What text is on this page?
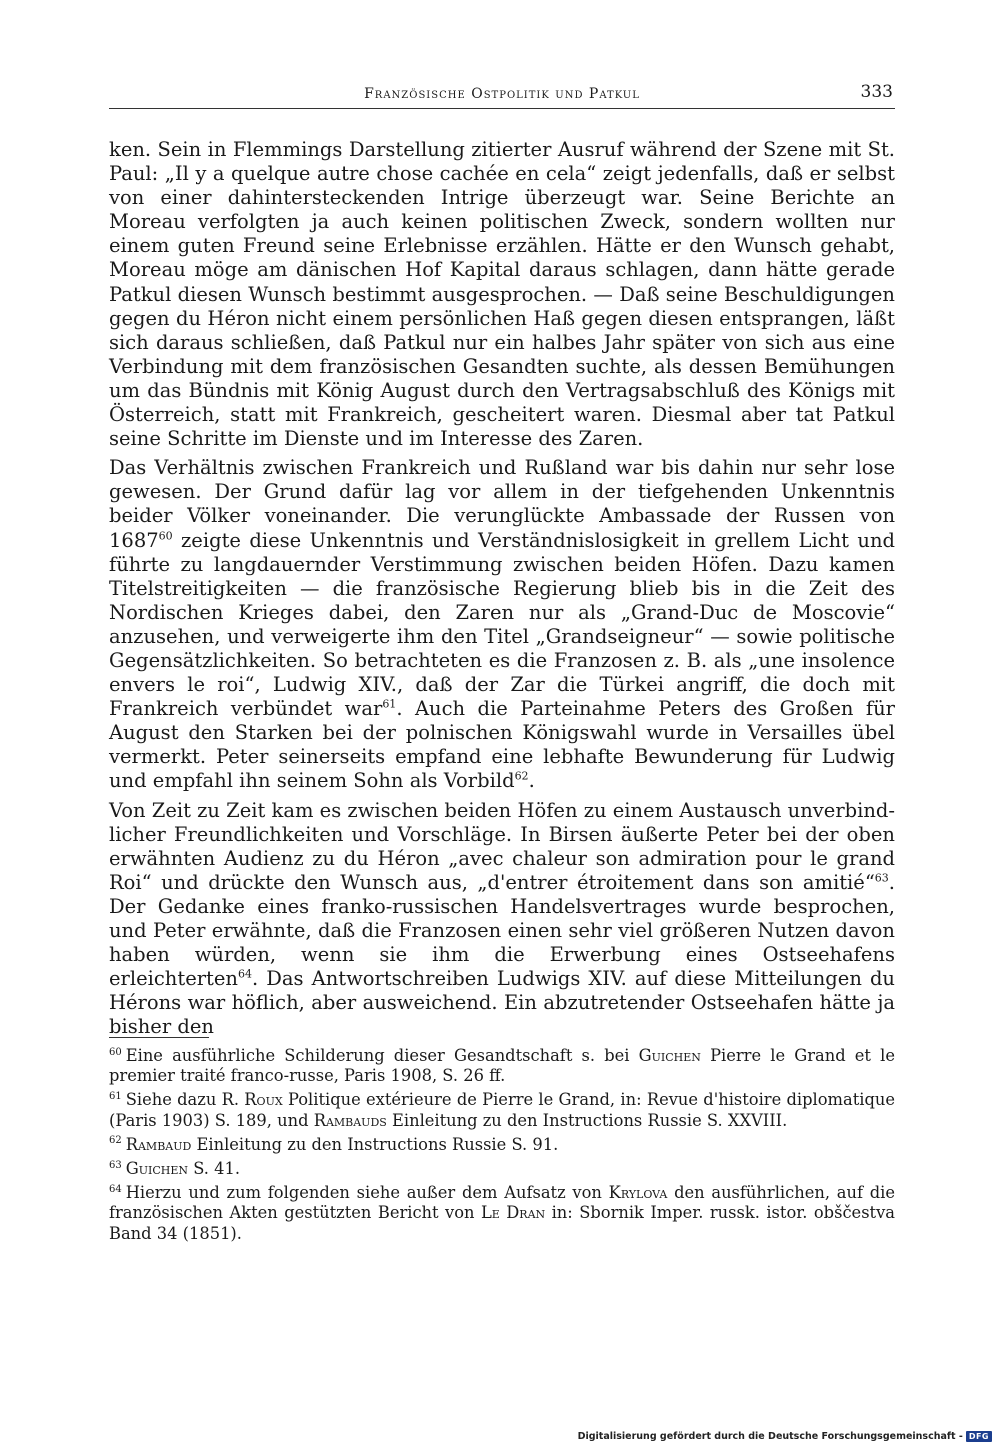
Französische Ostpolitik und Patkul	333

ken. Sein in Flemmings Darstellung zitierter Ausruf während der Szene mit St. Paul: „Il y a quelque autre chose cachée en cela“ zeigt jedenfalls, daß er selbst von einer dahintersteckenden Intrige überzeugt war. Seine Berichte an Moreau verfolgten ja auch keinen politischen Zweck, sondern wollten nur einem guten Freund seine Erlebnisse erzählen. Hätte er den Wunsch gehabt, Moreau möge am dänischen Hof Kapital daraus schlagen, dann hätte gerade Patkul diesen Wunsch bestimmt ausgesprochen. — Daß seine Beschuldigungen gegen du Héron nicht einem persönlichen Haß gegen diesen entsprangen, läßt sich daraus schließen, daß Patkul nur ein halbes Jahr später von sich aus eine Verbindung mit dem französischen Gesandten suchte, als dessen Bemühungen um das Bündnis mit König August durch den Vertragsabschluß des Königs mit Österreich, statt mit Frankreich, gescheitert waren. Diesmal aber tat Patkul seine Schritte im Dienste und im Interesse des Zaren.

Das Verhältnis zwischen Frankreich und Rußland war bis dahin nur sehr lose gewesen. Der Grund dafür lag vor allem in der tiefgehenden Unkenntnis beider Völker voneinander. Die verunglückte Ambassade der Russen von 1687$^{60}$ zeigte diese Unkenntnis und Verständnislosigkeit in grellem Licht und führte zu langdauernder Verstimmung zwischen beiden Höfen. Dazu kamen Titelstreitigkeiten — die französische Regierung blieb bis in die Zeit des Nordischen Krieges dabei, den Zaren nur als „Grand-Duc de Moscovie“ anzusehen, und verweigerte ihm den Titel „Grandseigneur“ — sowie politische Gegensätzlichkeiten. So betrachteten es die Franzosen z. B. als „une insolence envers le roi“, Ludwig XIV., daß der Zar die Türkei angriff, die doch mit Frankreich verbündet war$^{61}$. Auch die Parteinahme Peters des Großen für August den Starken bei der polnischen Königswahl wurde in Versailles übel vermerkt. Peter seinerseits empfand eine lebhafte Bewunderung für Ludwig und empfahl ihn seinem Sohn als Vorbild$^{62}$.

Von Zeit zu Zeit kam es zwischen beiden Höfen zu einem Austausch unverbindlicher Freundlichkeiten und Vorschläge. In Birsen äußerte Peter bei der oben erwähnten Audienz zu du Héron „avec chaleur son admiration pour le grand Roi“ und drückte den Wunsch aus, „d'entrer étroitement dans son amitié“$^{63}$. Der Gedanke eines franko-russischen Handelsvertrages wurde besprochen, und Peter erwähnte, daß die Franzosen einen sehr viel größeren Nutzen davon haben würden, wenn sie ihm die Erwerbung eines Ostseehafens erleichterten$^{64}$. Das Antwortschreiben Ludwigs XIV. auf diese Mitteilungen du Hérons war höflich, aber ausweichend. Ein abzutretender Ostseehafen hätte ja bisher den

$^{60}$ Eine ausführliche Schilderung dieser Gesandtschaft s. bei Guichen Pierre le Grand et le premier traité franco-russe, Paris 1908, S. 26 ff.

$^{61}$ Siehe dazu R. Roux Politique extérieure de Pierre le Grand, in: Revue d'histoire diplomatique (Paris 1903) S. 189, und Rambauds Einleitung zu den Instructions Russie S. XXVIII.

$^{62}$ Rambaud Einleitung zu den Instructions Russie S. 91.

$^{63}$ Guichen S. 41.

$^{64}$ Hierzu und zum folgenden siehe außer dem Aufsatz von Krylova den ausführlichen, auf die französischen Akten gestützten Bericht von Le Dran in: Sbornik Imper. russk. istor. obščestva Band 34 (1851).

Digitalisierung gefördert durch die Deutsche Forschungsgemeinschaft - DFG
